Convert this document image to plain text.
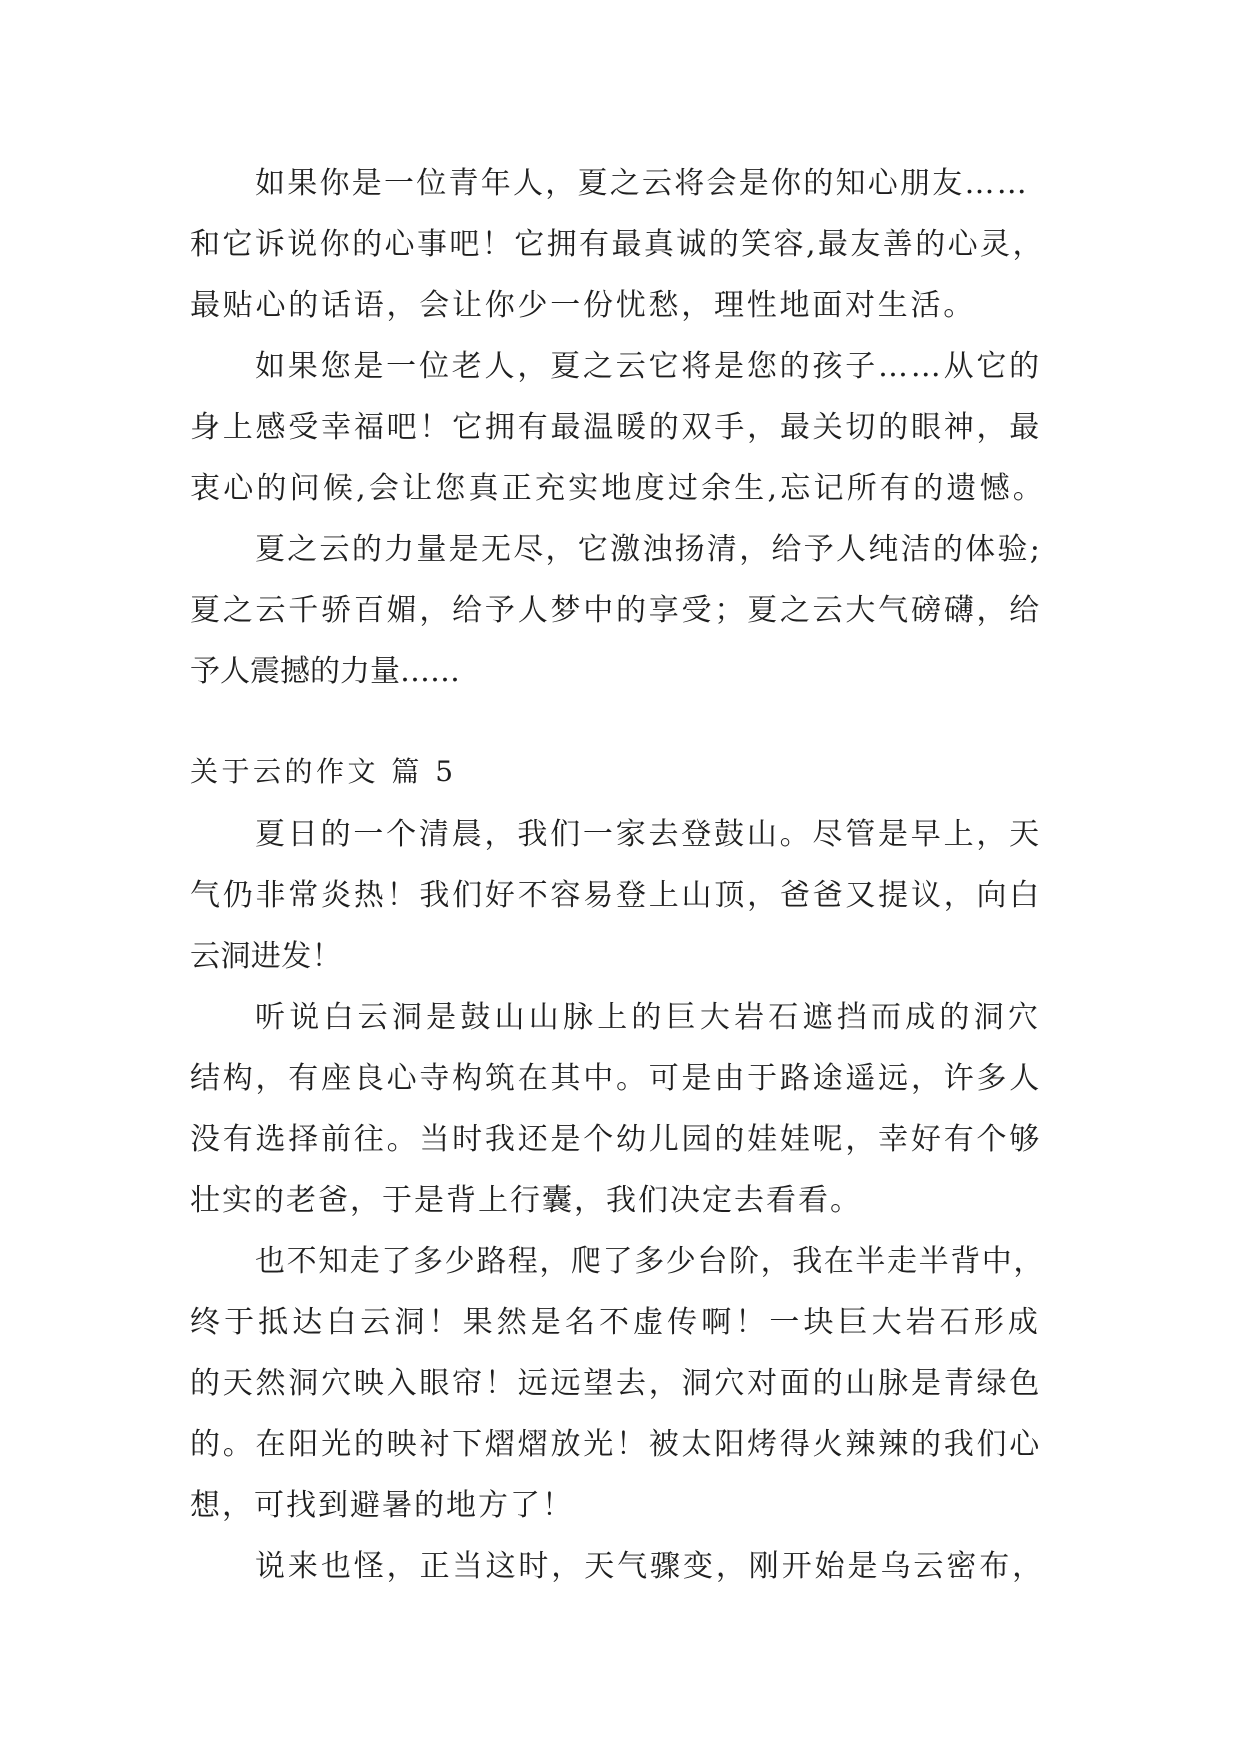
如果你是一位青年人，夏之云将会是你的知心朋友……
和它诉说你的心事吧！它拥有最真诚的笑容,最友善的心灵，
最贴心的话语，会让你少一份忧愁，理性地面对生活。
如果您是一位老人，夏之云它将是您的孩子……从它的
身上感受幸福吧！它拥有最温暖的双手，最关切的眼神，最
衷心的问候,会让您真正充实地度过余生,忘记所有的遗憾。
夏之云的力量是无尽，它激浊扬清，给予人纯洁的体验;
夏之云千骄百媚，给予人梦中的享受；夏之云大气磅礴，给
予人震撼的力量……
关于云的作文 篇 5
夏日的一个清晨，我们一家去登鼓山。尽管是早上，天
气仍非常炎热！我们好不容易登上山顶，爸爸又提议，向白
云洞进发！
听说白云洞是鼓山山脉上的巨大岩石遮挡而成的洞穴
结构，有座良心寺构筑在其中。可是由于路途遥远，许多人
没有选择前往。当时我还是个幼儿园的娃娃呢，幸好有个够
壮实的老爸，于是背上行囊，我们决定去看看。
也不知走了多少路程，爬了多少台阶，我在半走半背中，
终于抵达白云洞！果然是名不虚传啊！一块巨大岩石形成
的天然洞穴映入眼帘！远远望去，洞穴对面的山脉是青绿色
的。在阳光的映衬下熠熠放光！被太阳烤得火辣辣的我们心
想，可找到避暑的地方了！
说来也怪，正当这时，天气骤变，刚开始是乌云密布，
